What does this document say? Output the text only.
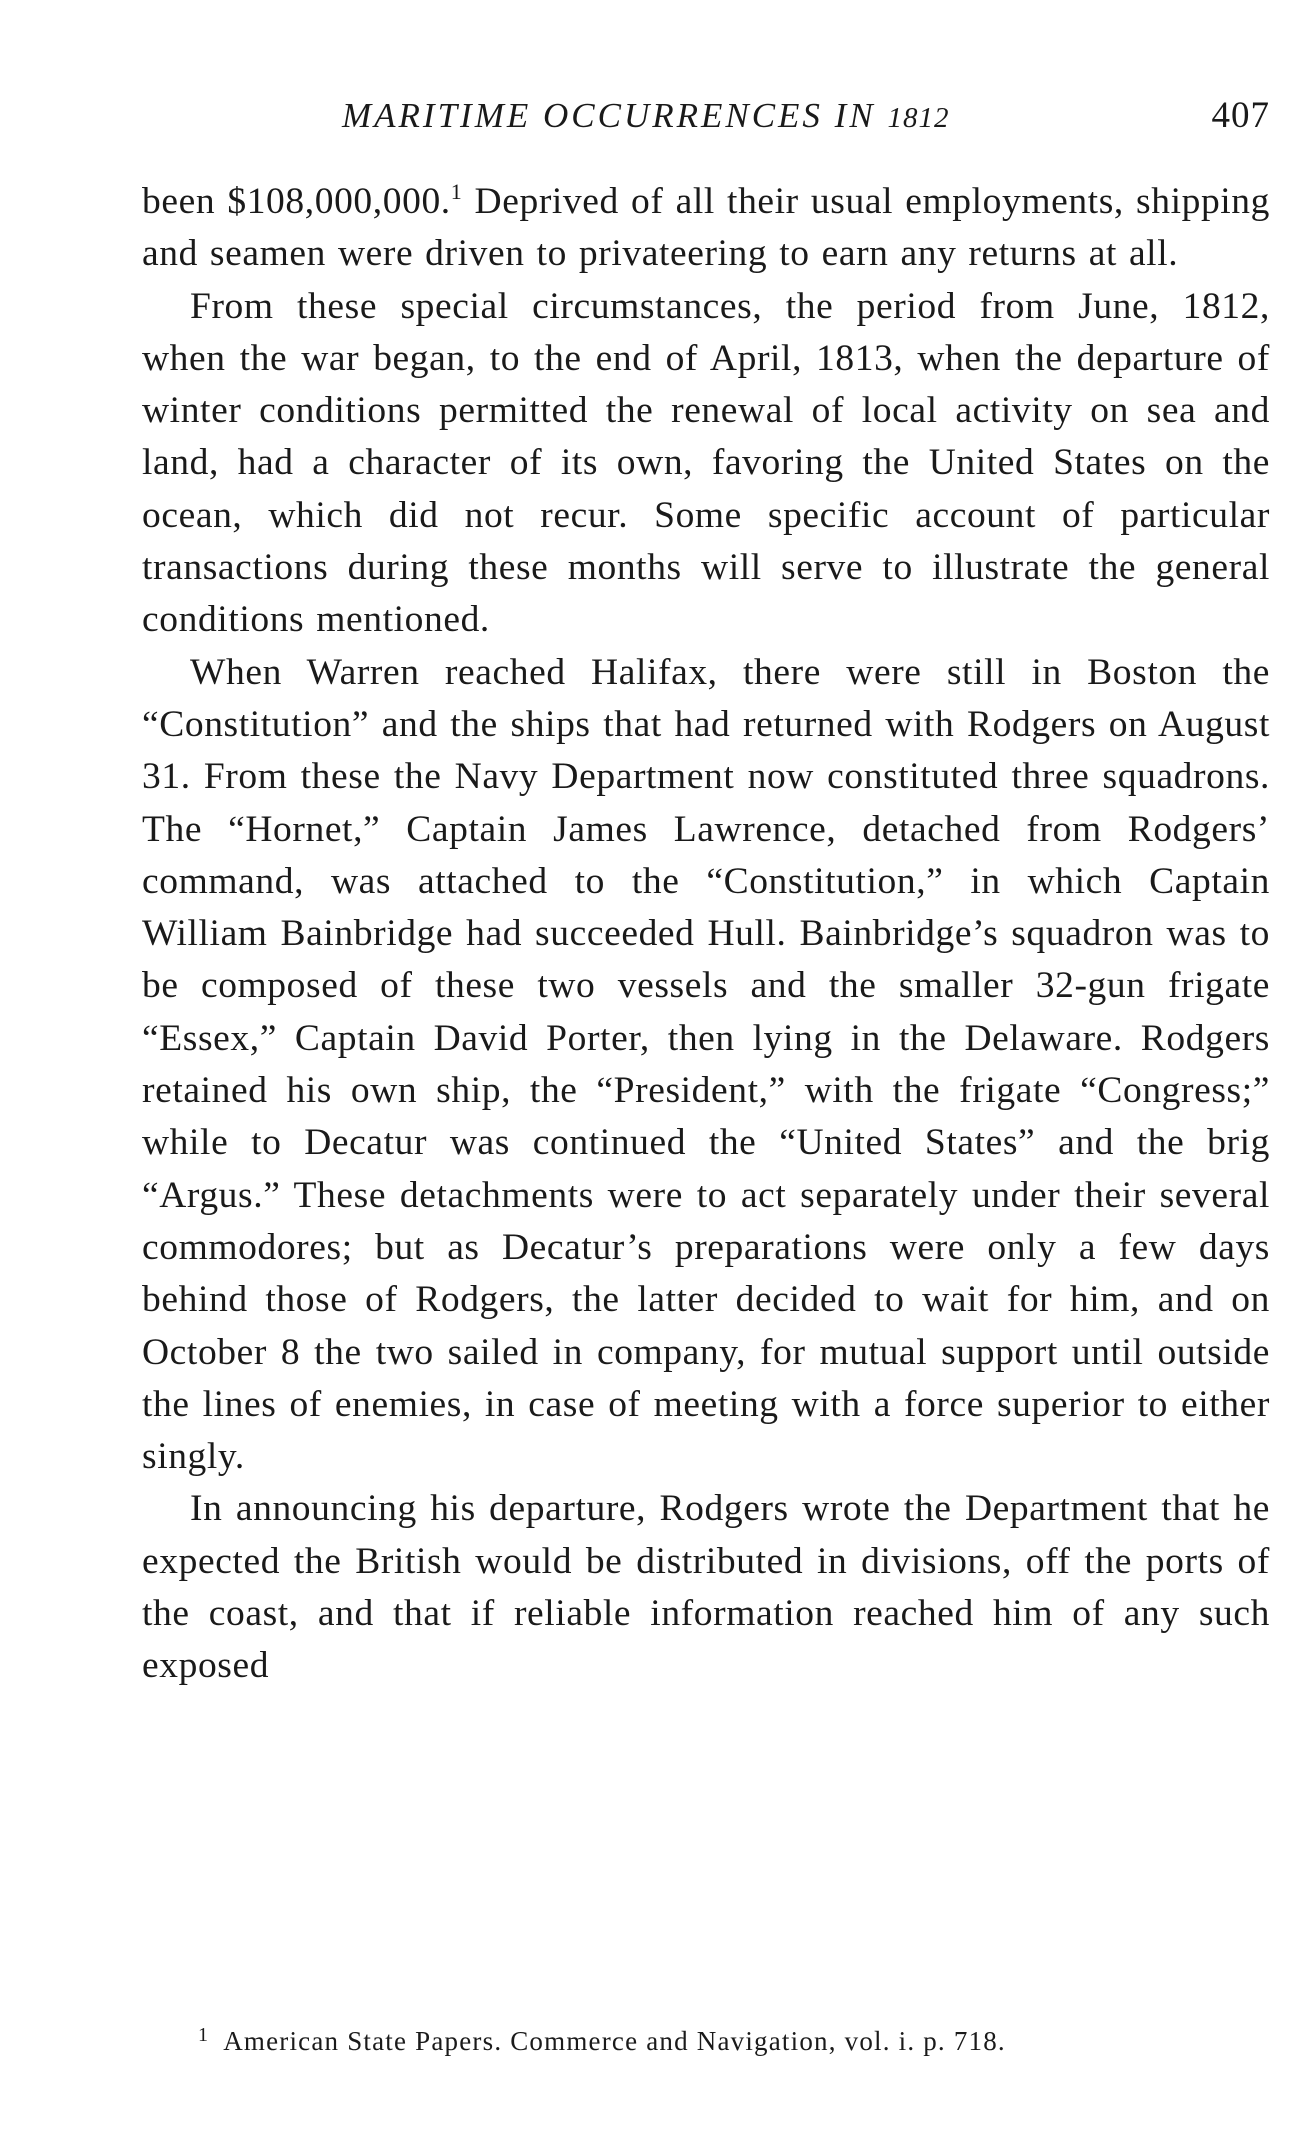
MARITIME OCCURRENCES IN 1812	407

been $108,000,000.$^1$ Deprived of all their usual employments, shipping and seamen were driven to privateering to earn any returns at all.

From these special circumstances, the period from June, 1812, when the war began, to the end of April, 1813, when the departure of winter conditions permitted the renewal of local activity on sea and land, had a character of its own, favoring the United States on the ocean, which did not recur. Some specific account of particular transactions during these months will serve to illustrate the general conditions mentioned.

When Warren reached Halifax, there were still in Boston the “Constitution” and the ships that had returned with Rodgers on August 31. From these the Navy Department now constituted three squadrons. The “Hornet,” Captain James Lawrence, detached from Rodgers’ command, was attached to the “Constitution,” in which Captain William Bainbridge had succeeded Hull. Bainbridge’s squadron was to be composed of these two vessels and the smaller 32-gun frigate “Essex,” Captain David Porter, then lying in the Delaware. Rodgers retained his own ship, the “President,” with the frigate “Congress;” while to Decatur was continued the “United States” and the brig “Argus.” These detachments were to act separately under their several commodores; but as Decatur’s preparations were only a few days behind those of Rodgers, the latter decided to wait for him, and on October 8 the two sailed in company, for mutual support until outside the lines of enemies, in case of meeting with a force superior to either singly.

In announcing his departure, Rodgers wrote the Department that he expected the British would be distributed in divisions, off the ports of the coast, and that if reliable information reached him of any such exposed

$^1$ American State Papers. Commerce and Navigation, vol. i. p. 718.
